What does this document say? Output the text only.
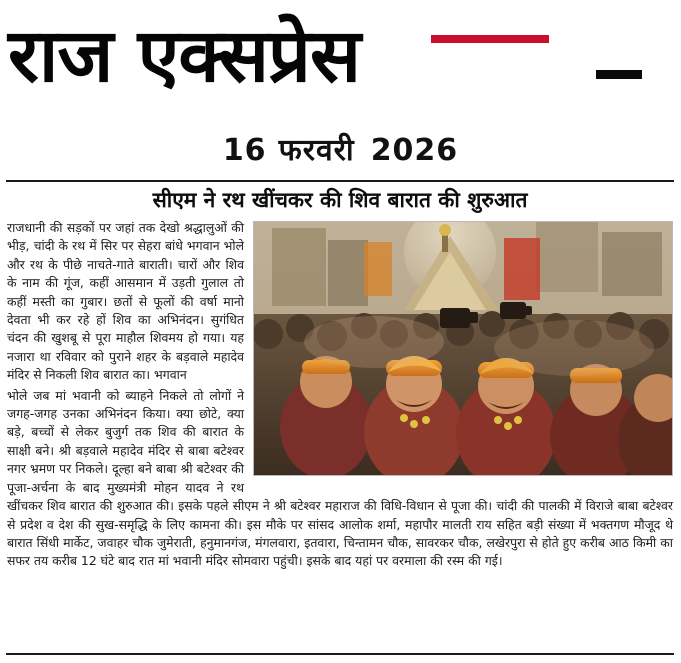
राज एक्सप्रेस
16 फरवरी 2026
सीएम ने रथ खींचकर की शिव बारात की शुरुआत

राजधानी की सड़कों पर जहां तक देखो श्रद्धालुओं की भीड़, चांदी के रथ में सिर पर सेहरा बांधे भगवान भोले और रथ के पीछे नाचते-गाते बाराती। चारों और शिव के नाम की गूंज, कहीं आसमान में उड़ती गुलाल तो कहीं मस्ती का गुबार। छतों से फूलों की वर्षा मानो देवता भी कर रहे हों शिव का अभिनंदन। सुगंधित चंदन की खुशबू से पूरा माहौल शिवमय हो गया। यह नजारा था रविवार को पुराने शहर के बड़वाले महादेव मंदिर से निकली शिव बारात का। भगवान

भोले जब मां भवानी को ब्याहने निकले तो लोगों ने जगह-जगह उनका अभिनंदन किया। क्या छोटे, क्या बड़े, बच्चों से लेकर बुजुर्ग तक शिव की बारात के साक्षी बने। श्री बड़वाले महादेव मंदिर से बाबा बटेश्वर नगर भ्रमण पर निकले। दूल्हा बने बाबा श्री बटेश्वर की पूजा-अर्चना के बाद मुख्यमंत्री मोहन यादव ने रथ खींचकर शिव बारात की शुरुआत की। इसके पहले सीएम ने श्री बटेश्वर महाराज की विधि-विधान से पूजा की। चांदी की पालकी में विराजे बाबा बटेश्वर से प्रदेश व देश की सुख-समृद्धि के लिए कामना की। इस मौके पर सांसद आलोक शर्मा, महापौर मालती राय सहित बड़ी संख्या में भक्तगण मौजूद थे बारात सिंधी मार्केट, जवाहर चौक जुमेराती, हनुमानगंज, मंगलवारा, इतवारा, चिन्तामन चौक, सावरकर चौक, लखेरपुरा से होते हुए करीब आठ किमी का सफर तय करीब 12 घंटे बाद रात मां भवानी मंदिर सोमवारा पहुंची। इसके बाद यहां पर वरमाला की रस्म की गई।
